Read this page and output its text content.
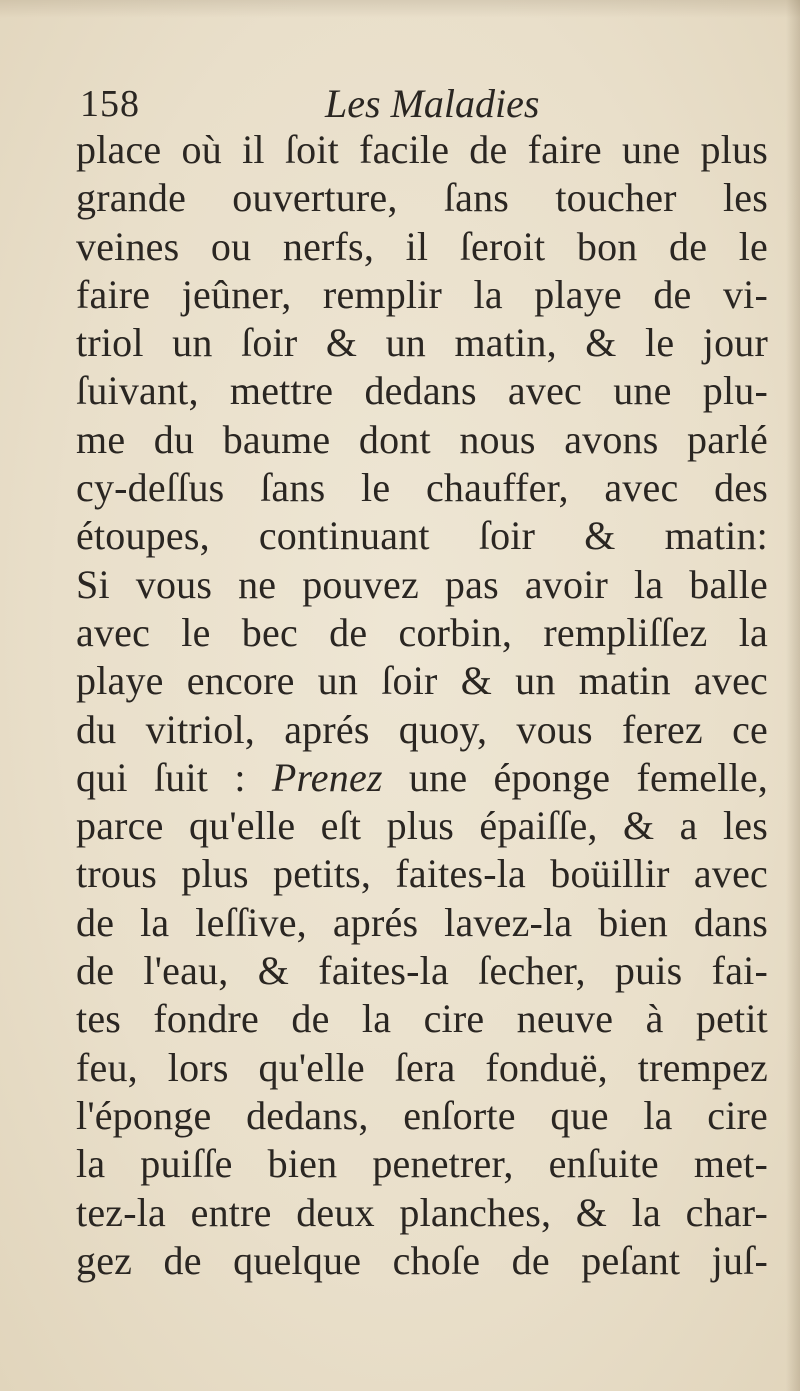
158	Les Maladies
place où il ſoit facile de faire une plus
grande ouverture, ſans toucher les
veines ou nerfs, il ſeroit bon de le
faire jeûner, remplir la playe de vi-
triol un ſoir & un matin, & le jour
ſuivant, mettre dedans avec une plu-
me du baume dont nous avons parlé
cy-deſſus ſans le chauffer, avec des
étoupes, continuant ſoir & matin:
Si vous ne pouvez pas avoir la balle
avec le bec de corbin, rempliſſez la
playe encore un ſoir & un matin avec
du vitriol, aprés quoy, vous ferez ce
qui ſuit : Prenez une éponge femelle,
parce qu'elle eſt plus épaiſſe, & a les
trous plus petits, faites-la boüillir avec
de la leſſive, aprés lavez-la bien dans
de l'eau, & faites-la ſecher, puis fai-
tes fondre de la cire neuve à petit
feu, lors qu'elle ſera fonduë, trempez
l'éponge dedans, enſorte que la cire
la puiſſe bien penetrer, enſuite met-
tez-la entre deux planches, & la char-
gez de quelque choſe de peſant juſ-
